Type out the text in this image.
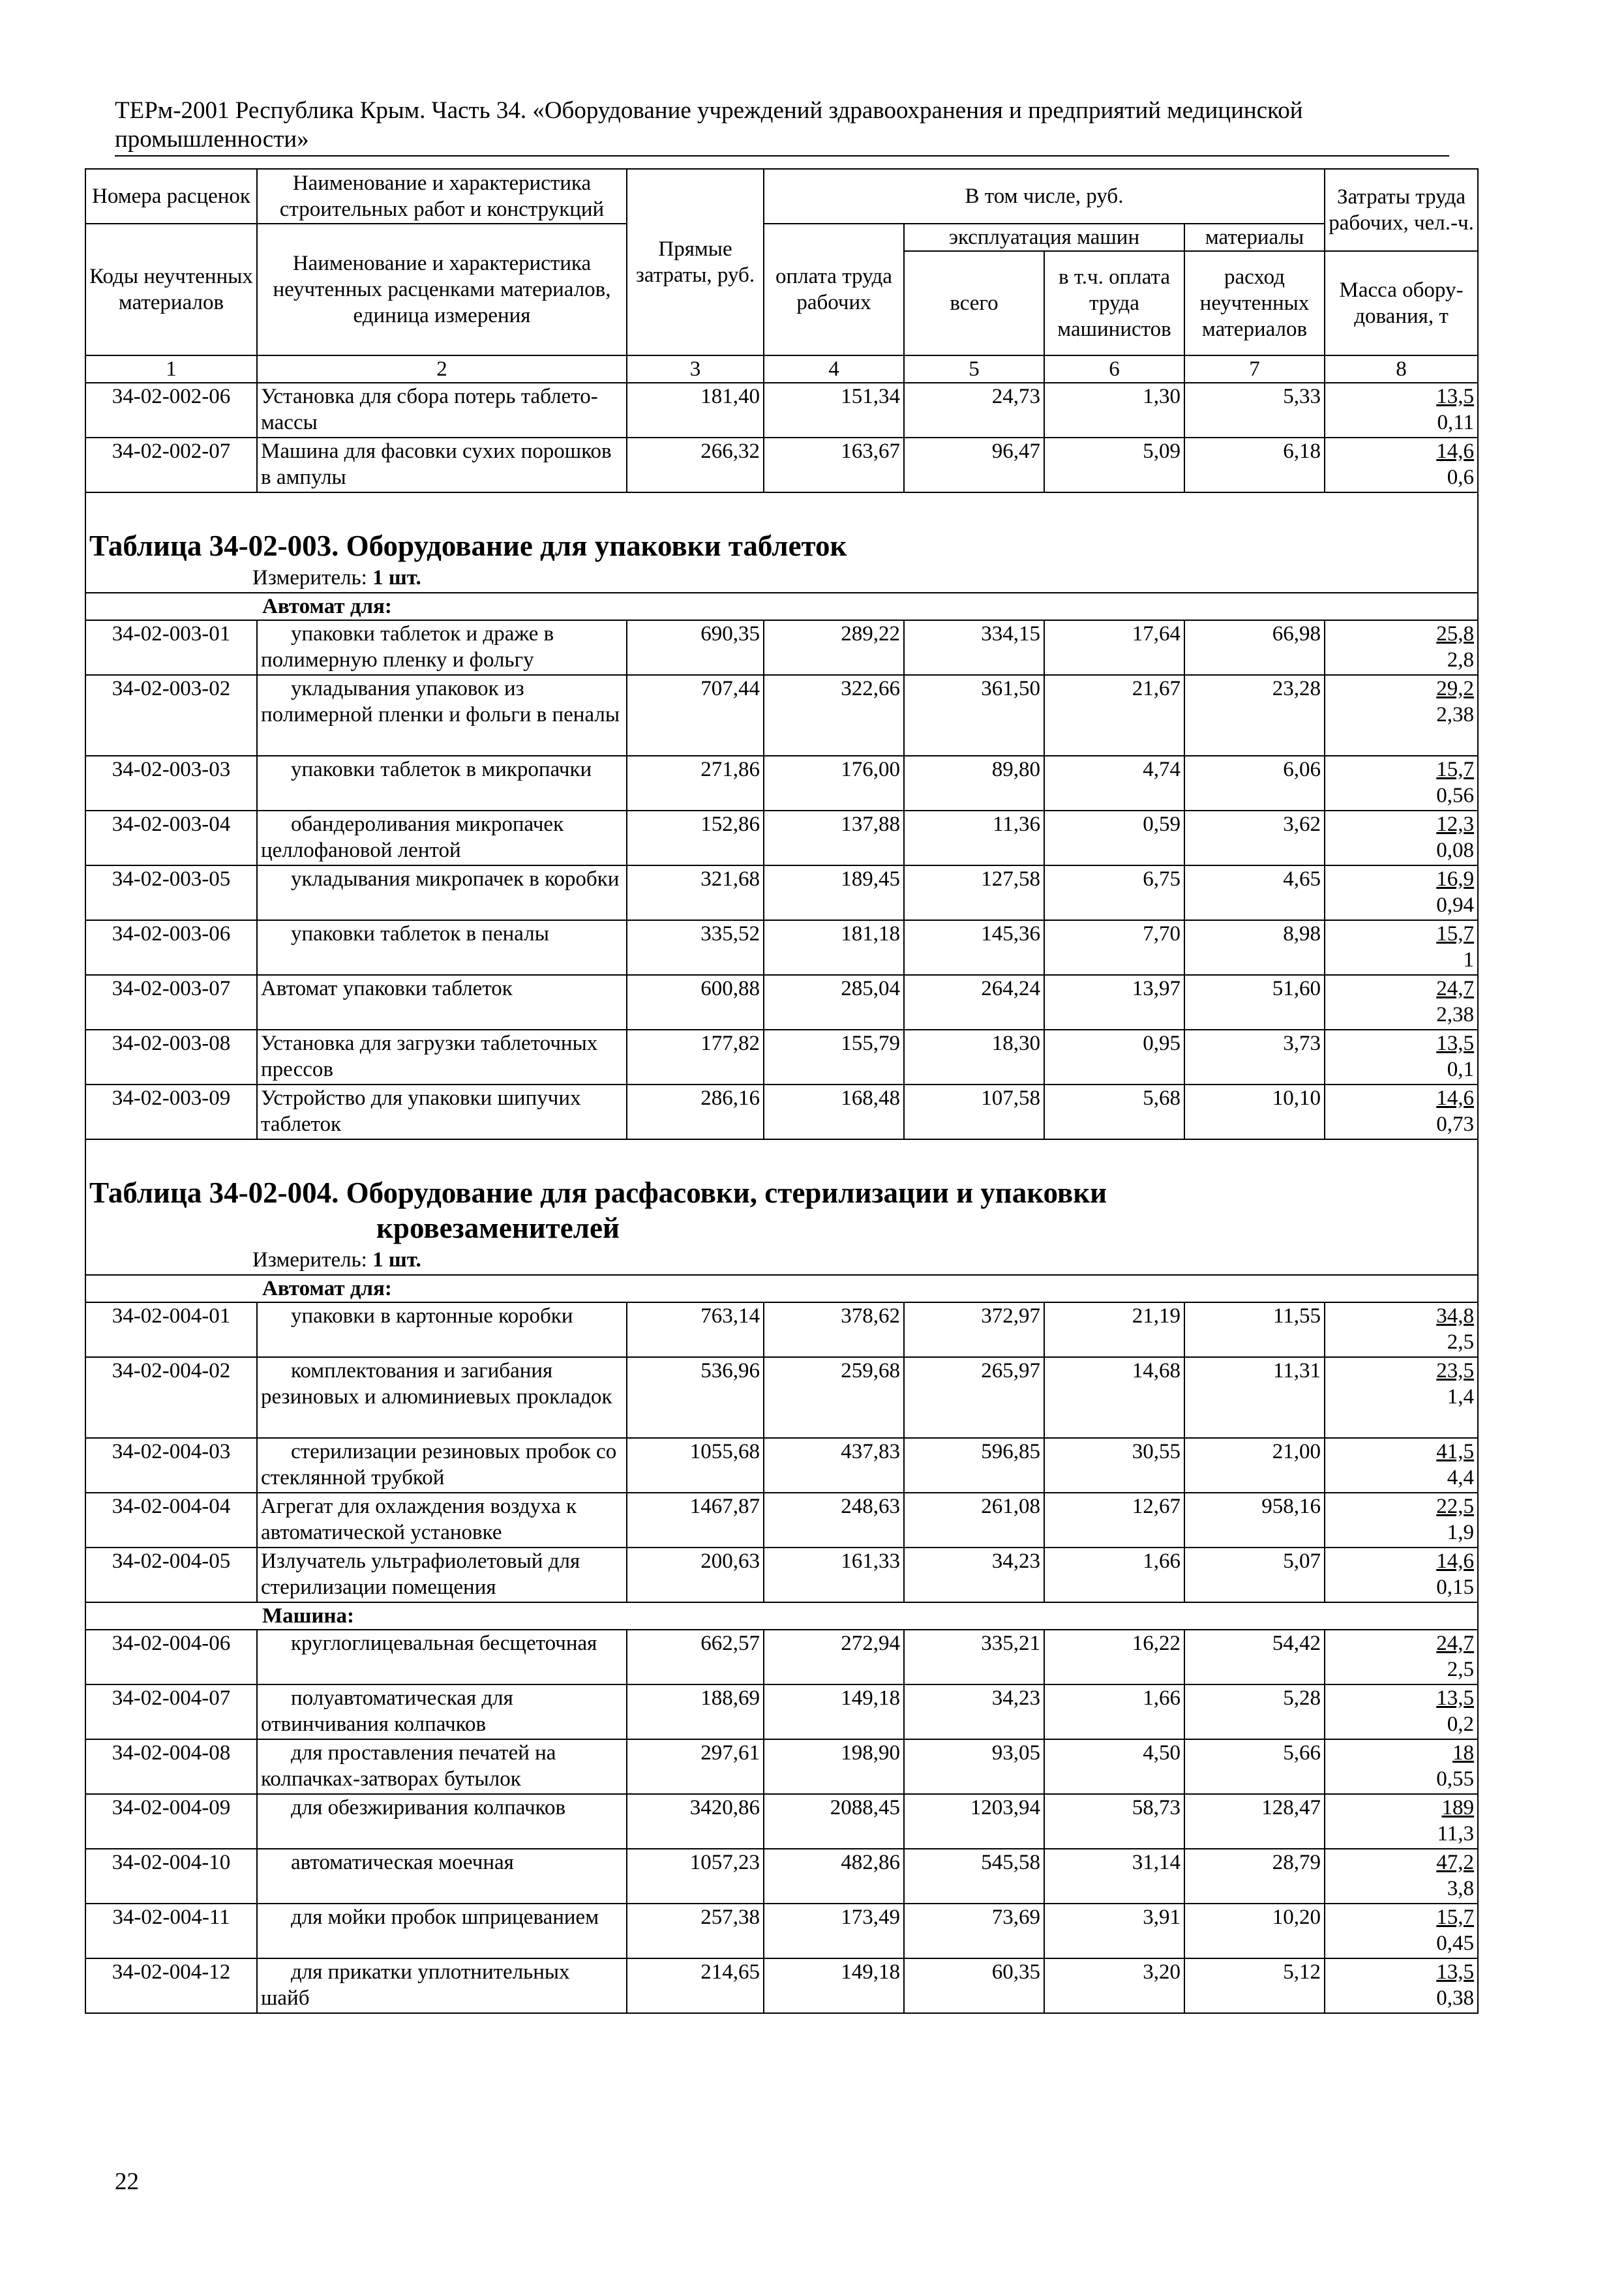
ТЕРм-2001 Республика Крым. Часть 34. «Оборудование учреждений здравоохранения и предприятий медицинской промышленности»
Номера расценок	Наименование и характеристика строительных работ и конструкций	Прямые затраты, руб.	В том числе, руб.				Затраты труда рабочих, чел.-ч.
Коды неучтенных материалов	Наименование и характеристика неучтенных расценками материалов, единица измерения		оплата труда рабочих	эксплуатация машин		материалы	
				всего	в т.ч. оплата труда машинистов	расход неучтенных материалов	Масса обору-дования, т
1	2	3	4	5	6	7	8
34-02-002-06	Установка для сбора потерь таблето-массы	181,40	151,34	24,73	1,30	5,33	13,5
0,11

34-02-002-07	Машина для фасовки сухих порошков в ампулы	266,32	163,67	96,47	5,09	6,18	14,6
0,6

Таблица 34-02-003. Оборудование для упаковки таблеток
Измеритель: 1 шт.							

Автомат для:							
34-02-003-01	упаковки таблеток и драже в полимерную пленку и фольгу	690,35	289,22	334,15	17,64	66,98	25,8
2,8

34-02-003-02	укладывания упаковок из полимерной пленки и фольги в пеналы	707,44	322,66	361,50	21,67	23,28	29,2
2,38

34-02-003-03	упаковки таблеток в микропачки	271,86	176,00	89,80	4,74	6,06	15,7
0,56

34-02-003-04	обандероливания микропачек целлофановой лентой	152,86	137,88	11,36	0,59	3,62	12,3
0,08

34-02-003-05	укладывания микропачек в коробки	321,68	189,45	127,58	6,75	4,65	16,9
0,94

34-02-003-06	упаковки таблеток в пеналы	335,52	181,18	145,36	7,70	8,98	15,7
1

34-02-003-07	Автомат упаковки таблеток	600,88	285,04	264,24	13,97	51,60	24,7
2,38

34-02-003-08	Установка для загрузки таблеточных прессов	177,82	155,79	18,30	0,95	3,73	13,5
0,1

34-02-003-09	Устройство для упаковки шипучих таблеток	286,16	168,48	107,58	5,68	10,10	14,6
0,73

Таблица 34-02-004. Оборудование для расфасовки, стерилизации и упаковки
кровезаменителей
Измеритель: 1 шт.							

Автомат для:							
34-02-004-01	упаковки в картонные коробки	763,14	378,62	372,97	21,19	11,55	34,8
2,5

34-02-004-02	комплектования и загибания резиновых и алюминиевых прокладок	536,96	259,68	265,97	14,68	11,31	23,5
1,4

34-02-004-03	стерилизации резиновых пробок со стеклянной трубкой	1055,68	437,83	596,85	30,55	21,00	41,5
4,4

34-02-004-04	Агрегат для охлаждения воздуха к автоматической установке	1467,87	248,63	261,08	12,67	958,16	22,5
1,9

34-02-004-05	Излучатель ультрафиолетовый для стерилизации помещения	200,63	161,33	34,23	1,66	5,07	14,6
0,15

Машина:							
34-02-004-06	круглоглицевальная бесщеточная	662,57	272,94	335,21	16,22	54,42	24,7
2,5

34-02-004-07	полуавтоматическая для отвинчивания колпачков	188,69	149,18	34,23	1,66	5,28	13,5
0,2

34-02-004-08	для проставления печатей на колпачках-затворах бутылок	297,61	198,90	93,05	4,50	5,66	18
0,55

34-02-004-09	для обезжиривания колпачков	3420,86	2088,45	1203,94	58,73	128,47	189
11,3

34-02-004-10	автоматическая моечная	1057,23	482,86	545,58	31,14	28,79	47,2
3,8

34-02-004-11	для мойки пробок шприцеванием	257,38	173,49	73,69	3,91	10,20	15,7
0,45

34-02-004-12	для прикатки уплотнительных шайб	214,65	149,18	60,35	3,20	5,12	13,5
0,38
22
